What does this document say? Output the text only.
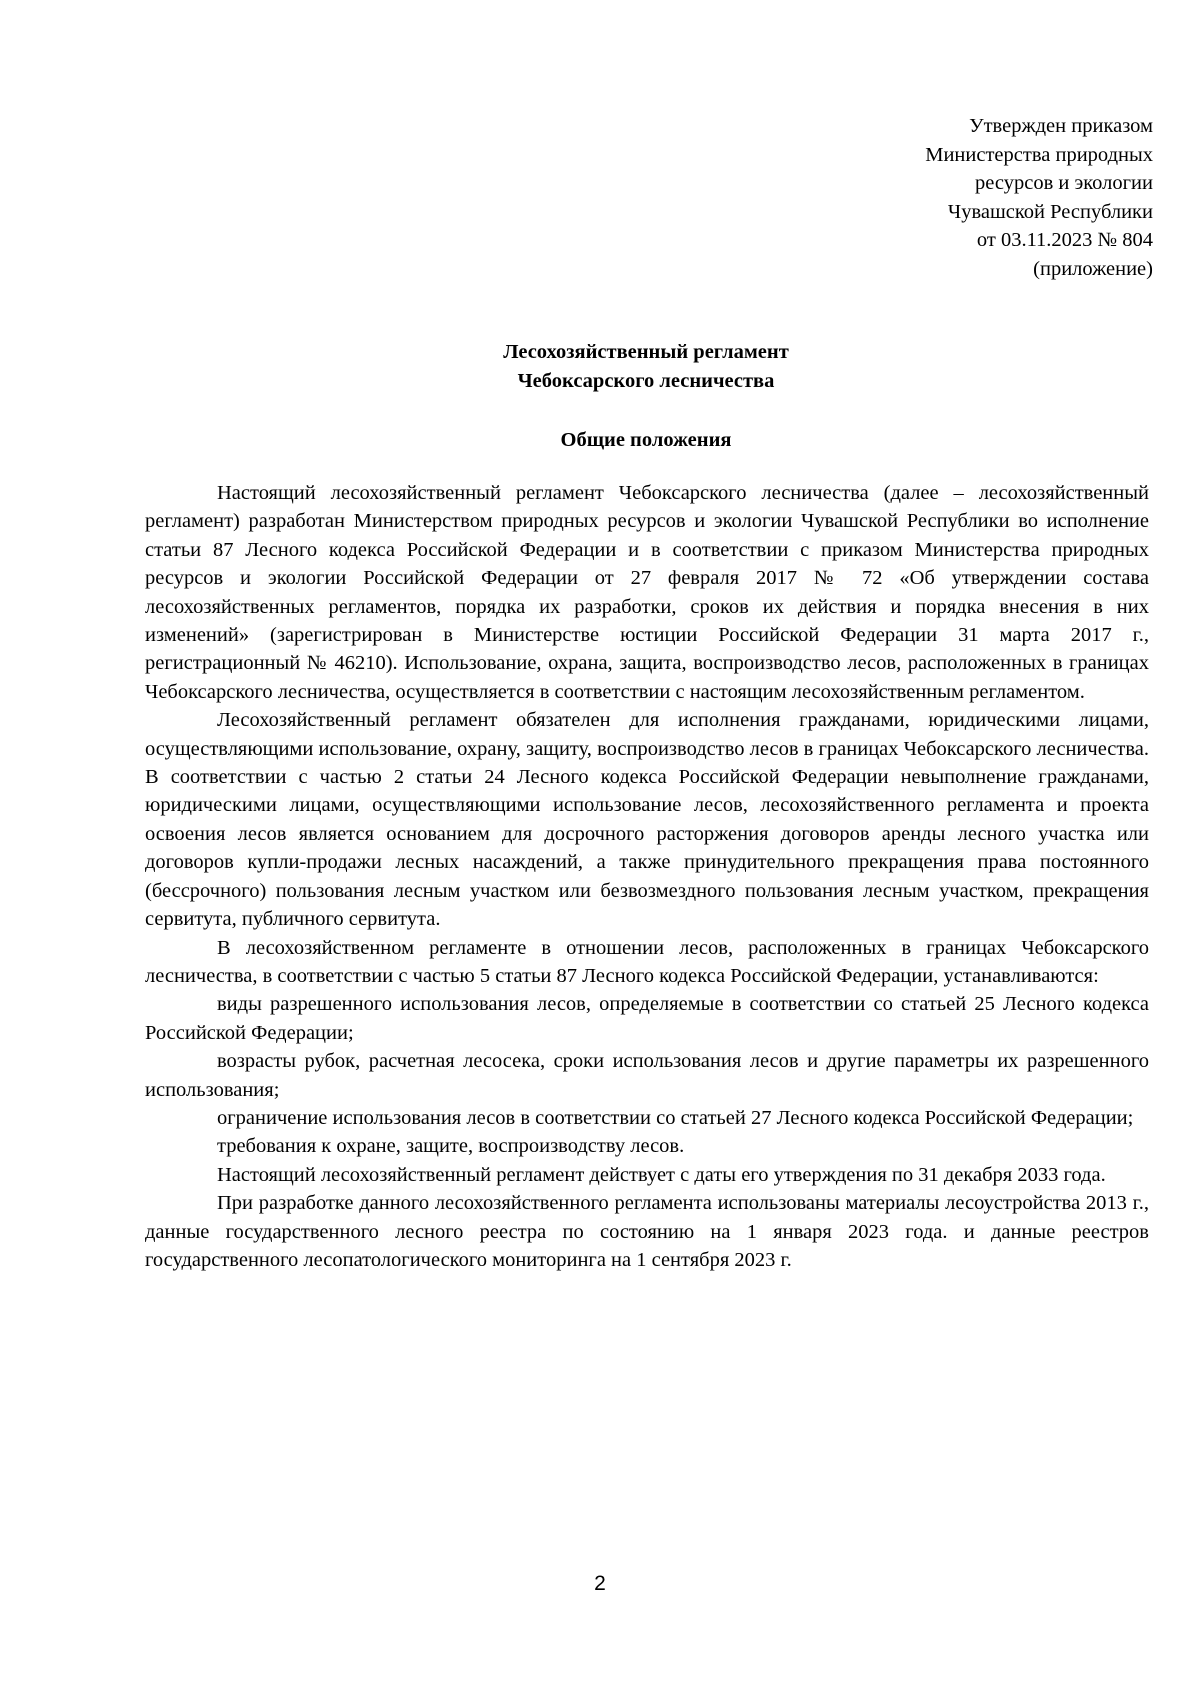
Утвержден приказом
Министерства природных
ресурсов и экологии
Чувашской Республики
от 03.11.2023 № 804
(приложение)
Лесохозяйственный регламент
Чебоксарского лесничества
Общие положения

Настоящий лесохозяйственный регламент Чебоксарского лесничества (далее – лесохозяйственный регламент) разработан Министерством природных ресурсов и экологии Чувашской Республики во исполнение статьи 87 Лесного кодекса Российской Федерации и в соответствии с приказом Министерства природных ресурсов и экологии Российской Федерации от 27 февраля 2017 № 72 «Об утверждении состава лесохозяйственных регламентов, порядка их разработки, сроков их действия и порядка внесения в них изменений» (зарегистрирован в Министерстве юстиции Российской Федерации 31 марта 2017 г., регистрационный № 46210). Использование, охрана, защита, воспроизводство лесов, расположенных в границах Чебоксарского лесничества, осуществляется в соответствии с настоящим лесохозяйственным регламентом.

Лесохозяйственный регламент обязателен для исполнения гражданами, юридическими лицами, осуществляющими использование, охрану, защиту, воспроизводство лесов в границах Чебоксарского лесничества. В соответствии с частью 2 статьи 24 Лесного кодекса Российской Федерации невыполнение гражданами, юридическими лицами, осуществляющими использование лесов, лесохозяйственного регламента и проекта освоения лесов является основанием для досрочного расторжения договоров аренды лесного участка или договоров купли-продажи лесных насаждений, а также принудительного прекращения права постоянного (бессрочного) пользования лесным участком или безвозмездного пользования лесным участком, прекращения сервитута, публичного сервитута.

В лесохозяйственном регламенте в отношении лесов, расположенных в границах Чебоксарского лесничества, в соответствии с частью 5 статьи 87 Лесного кодекса Российской Федерации, устанавливаются:

виды разрешенного использования лесов, определяемые в соответствии со статьей 25 Лесного кодекса Российской Федерации;

возрасты рубок, расчетная лесосека, сроки использования лесов и другие параметры их разрешенного использования;

ограничение использования лесов в соответствии со статьей 27 Лесного кодекса Российской Федерации;

требования к охране, защите, воспроизводству лесов.

Настоящий лесохозяйственный регламент действует с даты его утверждения по 31 декабря 2033 года.

При разработке данного лесохозяйственного регламента использованы материалы лесоустройства 2013 г., данные государственного лесного реестра по состоянию на 1 января 2023 года. и данные реестров государственного лесопатологического мониторинга на 1 сентября 2023 г.

2
